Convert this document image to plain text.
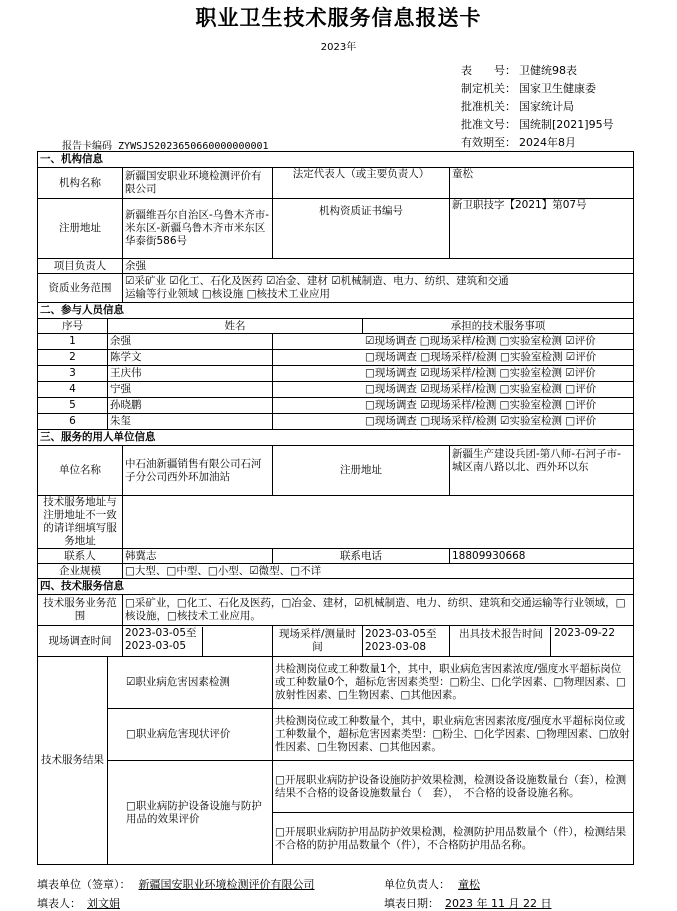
职业卫生技术服务信息报送卡
2023年
表　　号： 卫健统98表
制定机关： 国家卫生健康委
批准机关： 国家统计局
批准文号： 国统制[2021]95号
有效期至： 2024年8月
报告卡编码 ZYWSJS2023650660000000001
一、机构信息					
机构名称		新疆国安职业环境检测评价有限公司	法定代表人（或主要负责人）		童松
注册地址		新疆维吾尔自治区-乌鲁木齐市-米东区-新疆乌鲁木齐市米东区华泰街586号	机构资质证书编号		新卫职技字【2021】第07号
项目负责人		余强			
资质业务范围		☑采矿业 ☑化工、石化及医药 ☑冶金、建材 ☑机械制造、电力、纺织、建筑和交通
运输等行业领域 □核设施 □核技术工业应用			

二、参与人员信息					
序号	姓名			承担的技术服务事项	
1	余强		☑现场调查 □现场采样/检测 □实验室检测 ☑评价		
2	陈学文		□现场调查 □现场采样/检测 □实验室检测 ☑评价		
3	王庆伟		□现场调查 ☑现场采样/检测 □实验室检测 ☑评价		
4	宁强		□现场调查 ☑现场采样/检测 □实验室检测 □评价		
5	孙晓鹏		□现场调查 ☑现场采样/检测 □实验室检测 □评价		
6	朱玺		□现场调查 □现场采样/检测 ☑实验室检测 □评价		
三、服务的用人单位信息					
单位名称		中石油新疆销售有限公司石河子分公司西外环加油站	注册地址		新疆生产建设兵团-第八师-石河子市-城区南八路以北、西外环以东
技术服务地址与注册地址不一致的请详细填写服务地址					
联系人		韩冀志	联系电话		18809930668
企业规模		□大型、□中型、□小型、☑微型、□不详			
四、技术服务信息					
技术服务业务范围		□采矿业，□化工、石化及医药，□冶金、建材，☑机械制造、电力、纺织、建筑和交通运输等行业领域，□核设施，□核技术工业应用。			
现场调查时间		2023-03-05至2023-03-05	现场采样/测量时间	2023-03-05至2023-03-08	出具技术报告时间 2023-09-22

技术服务结果	☑职业病危害因素检测		共检测岗位或工种数量1个，其中，职业病危害因素浓度/强度水平超标岗位或工种数量0个，超标危害因素类型：□粉尘、□化学因素、□物理因素、□放射性因素、□生物因素、□其他因素。		
	□职业病危害现状评价		共检测岗位或工种数量个，其中，职业病危害因素浓度/强度水平超标岗位或工种数量个，超标危害因素类型：□粉尘、□化学因素、□物理因素、□放射性因素、□生物因素、□其他因素。		
	□职业病防护设备设施与防护用品的效果评价		□开展职业病防护设备设施防护效果检测，检测设备设施数量台（套），检测结果不合格的设备设施数量台（　套），　不合格的设备设施名称。		
			□开展职业病防护用品防护效果检测，检测防护用品数量个（件），检测结果不合格的防护用品数量个（件），不合格防护用品名称。		
填表单位（签章）： 新疆国安职业环境检测评价有限公司	单位负责人： 童松
填表人： 刘文娟	填表日期： 2023 年 11 月 22 日
